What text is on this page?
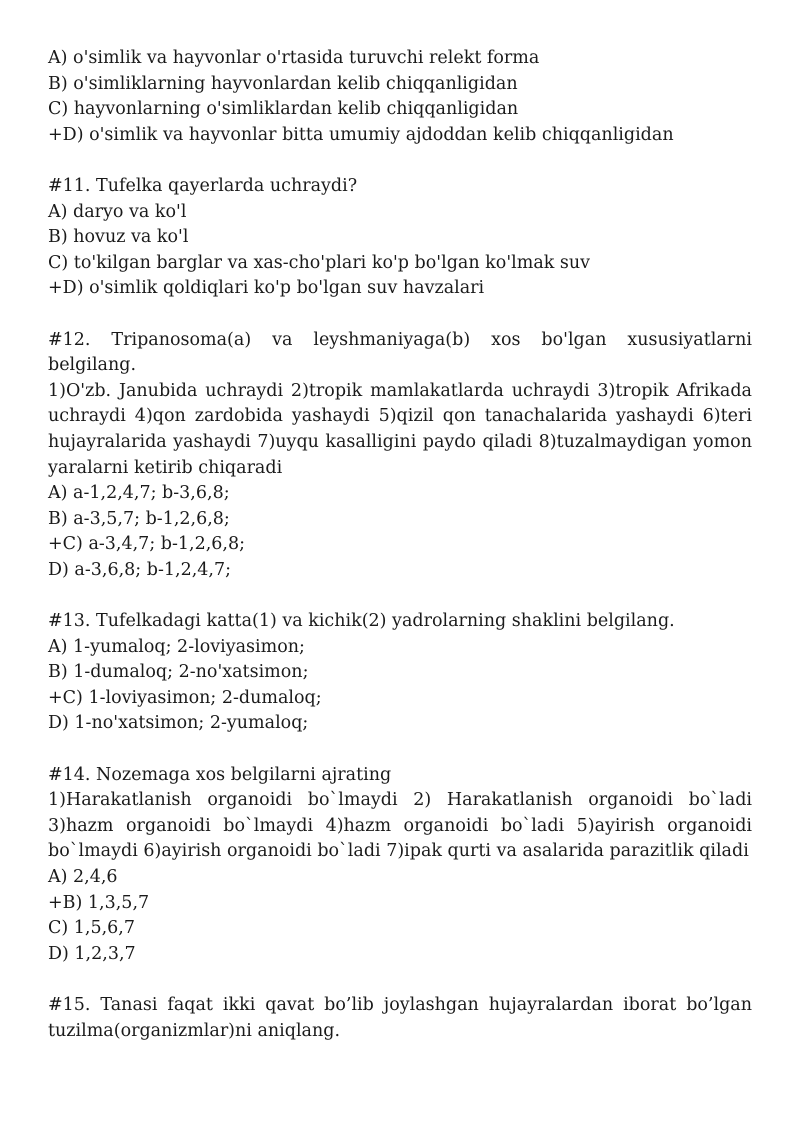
A) o'simlik va hayvonlar o'rtasida turuvchi relekt forma

B) o'simliklarning hayvonlardan kelib chiqqanligidan

C) hayvonlarning o'simliklardan kelib chiqqanligidan

+D) o'simlik va hayvonlar bitta umumiy ajdoddan kelib chiqqanligidan

#11. Tufelka qayerlarda uchraydi?

A) daryo va ko'l

B) hovuz va ko'l

C) to'kilgan barglar va xas-cho'plari ko'p bo'lgan ko'lmak suv

+D) o'simlik qoldiqlari ko'p bo'lgan suv havzalari

#12. Tripanosoma(a) va leyshmaniyaga(b) xos bo'lgan xususiyatlarni belgilang.

1)O'zb. Janubida uchraydi 2)tropik mamlakatlarda uchraydi 3)tropik Afrikada uchraydi 4)qon zardobida yashaydi 5)qizil qon tanachalarida yashaydi 6)teri hujayralarida yashaydi 7)uyqu kasalligini paydo qiladi 8)tuzalmaydigan yomon yaralarni ketirib chiqaradi

A) a-1,2,4,7; b-3,6,8;

B) a-3,5,7; b-1,2,6,8;

+C) a-3,4,7; b-1,2,6,8;

D) a-3,6,8; b-1,2,4,7;

#13. Tufelkadagi katta(1) va kichik(2) yadrolarning shaklini belgilang.

A) 1-yumaloq; 2-loviyasimon;

B) 1-dumaloq; 2-no'xatsimon;

+C) 1-loviyasimon; 2-dumaloq;

D) 1-no'xatsimon; 2-yumaloq;

#14. Nozemaga xos belgilarni ajrating

1)Harakatlanish organoidi bo`lmaydi 2) Harakatlanish organoidi bo`ladi 3)hazm organoidi bo`lmaydi 4)hazm organoidi bo`ladi 5)ayirish organoidi bo`lmaydi 6)ayirish organoidi bo`ladi 7)ipak qurti va asalarida parazitlik qiladi

A) 2,4,6

+B) 1,3,5,7

C) 1,5,6,7

D) 1,2,3,7

#15. Tanasi faqat ikki qavat bo’lib joylashgan hujayralardan iborat bo’lgan tuzilma(organizmlar)ni aniqlang.
